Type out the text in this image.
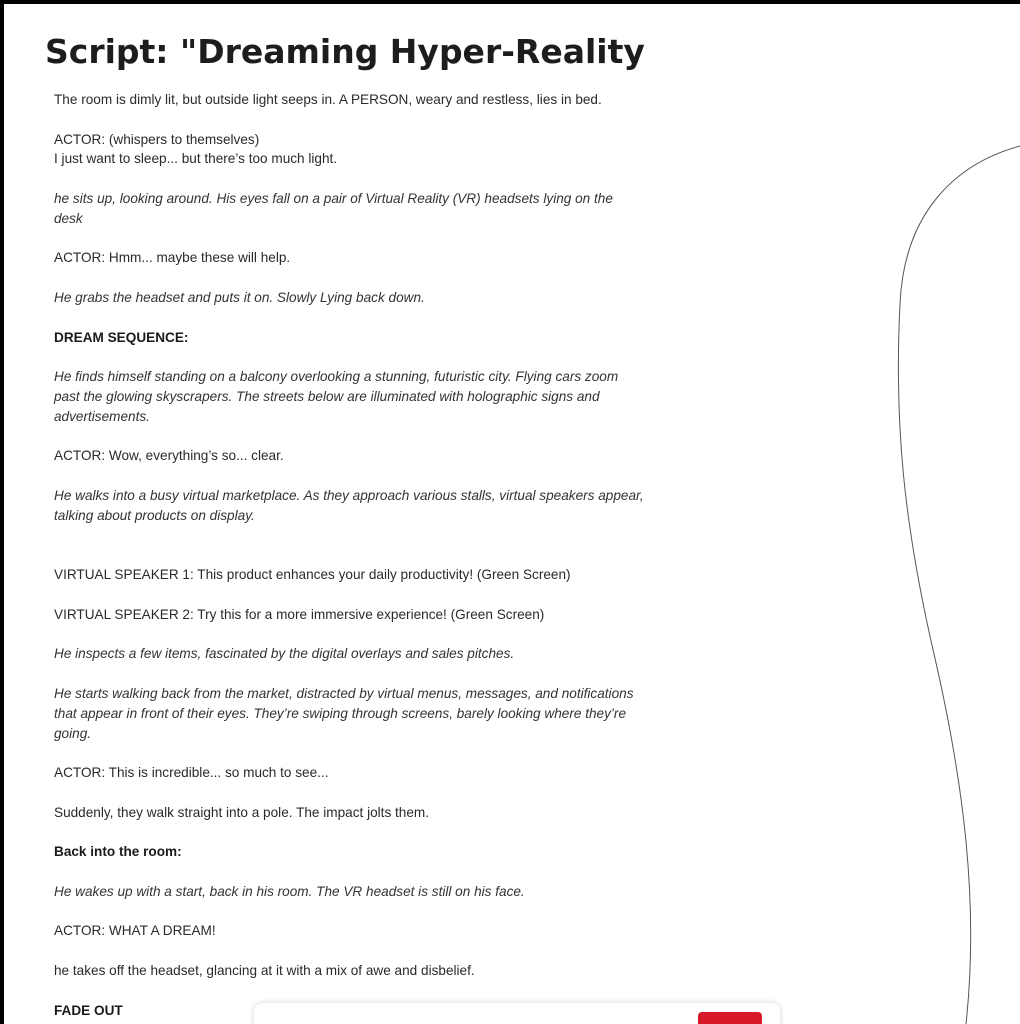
Script: "Dreaming Hyper-Reality

The room is dimly lit, but outside light seeps in. A PERSON, weary and restless, lies in bed.

ACTOR: (whispers to themselves)
I just want to sleep... but there’s too much light.

he sits up, looking around. His eyes fall on a pair of Virtual Reality (VR) headsets lying on the desk

ACTOR: Hmm... maybe these will help.

He grabs the headset and puts it on. Slowly Lying back down.

DREAM SEQUENCE:

He finds himself standing on a balcony overlooking a stunning, futuristic city. Flying cars zoom past the glowing skyscrapers. The streets below are illuminated with holographic signs and advertisements.

ACTOR: Wow, everything’s so... clear.

He walks into a busy virtual marketplace. As they approach various stalls, virtual speakers appear, talking about products on display.

VIRTUAL SPEAKER 1: This product enhances your daily productivity! (Green Screen)

VIRTUAL SPEAKER 2: Try this for a more immersive experience! (Green Screen)

He inspects a few items, fascinated by the digital overlays and sales pitches.

He starts walking back from the market, distracted by virtual menus, messages, and notifications that appear in front of their eyes. They’re swiping through screens, barely looking where they’re going.

ACTOR: This is incredible... so much to see...

Suddenly, they walk straight into a pole. The impact jolts them.

Back into the room:

He wakes up with a start, back in his room. The VR headset is still on his face.

ACTOR: WHAT A DREAM!

he takes off the headset, glancing at it with a mix of awe and disbelief.

FADE OUT
